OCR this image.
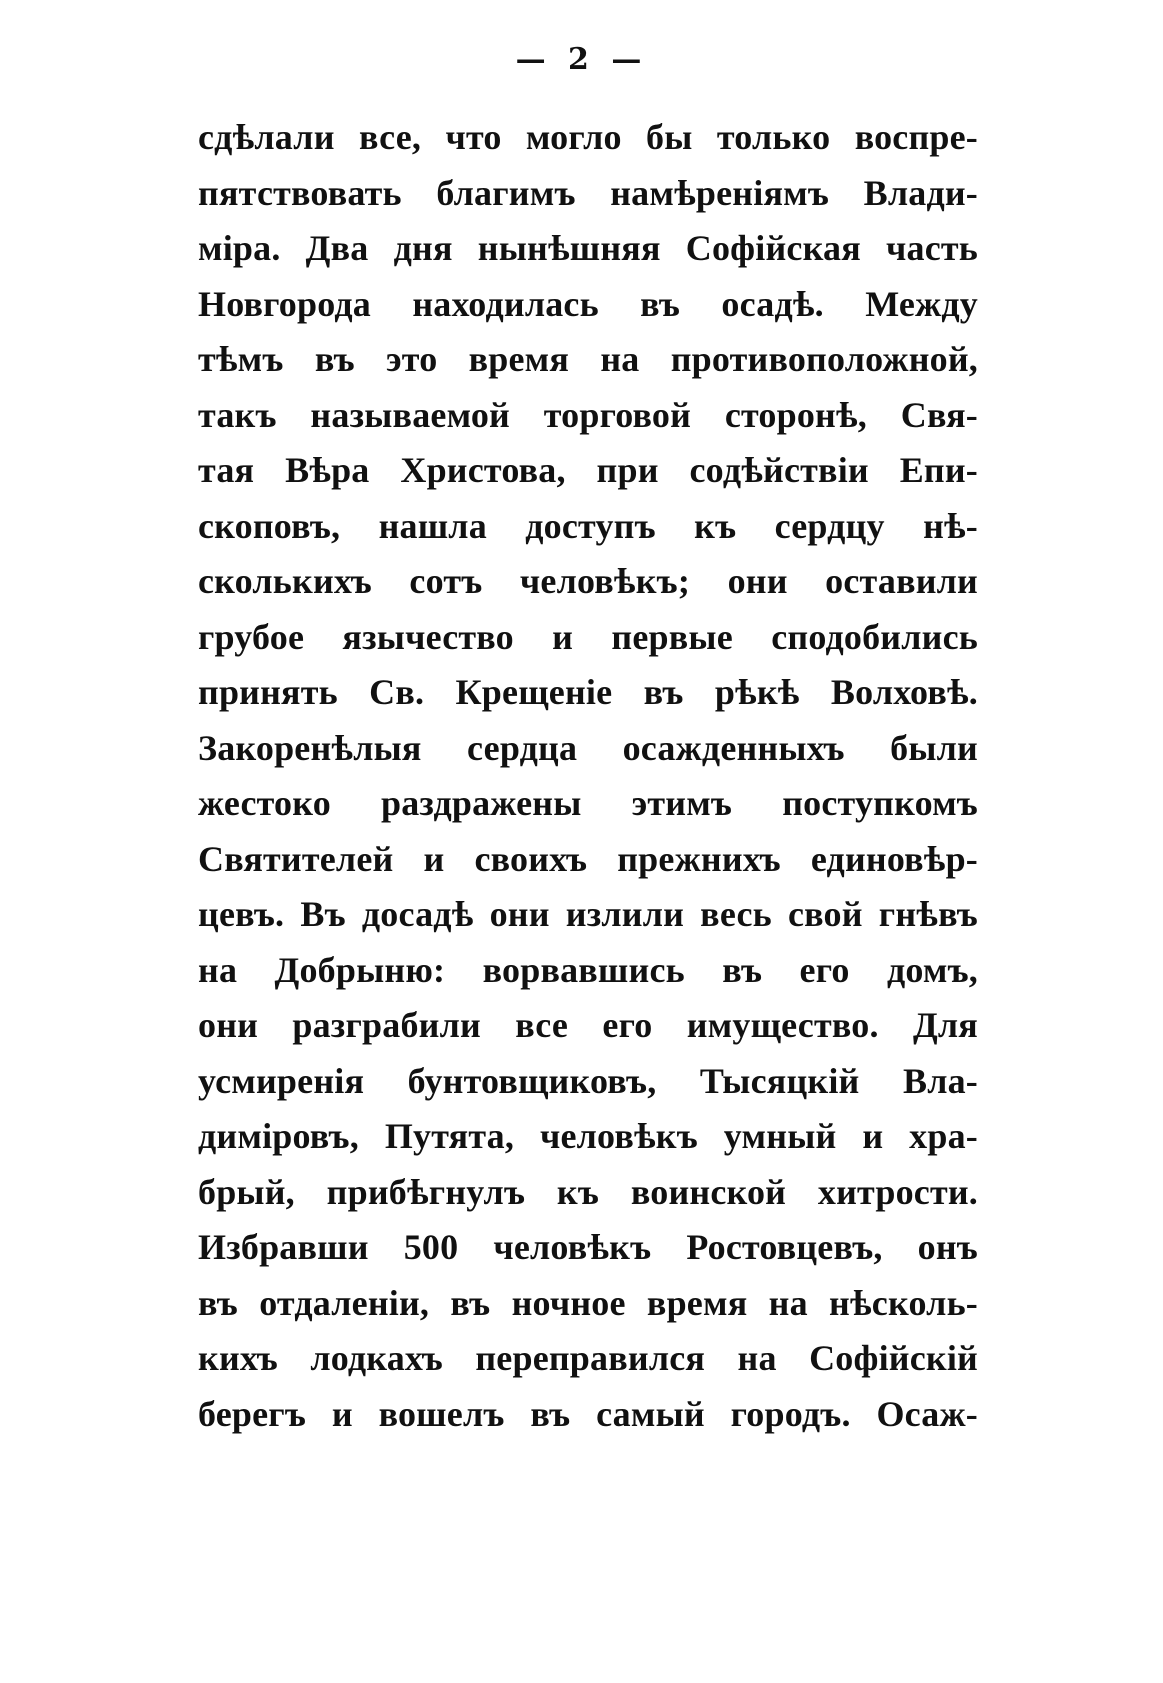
— 2 —
сдѣлали все, что могло бы только воспре-
пятствовать благимъ намѣреніямъ Влади-
міра. Два дня нынѣшняя Софійская часть
Новгорода находилась въ осадѣ. Между
тѣмъ въ это время на противоположной,
такъ называемой торговой сторонѣ, Свя-
тая Вѣра Христова, при содѣйствіи Епи-
скоповъ, нашла доступъ къ сердцу нѣ-
сколькихъ сотъ человѣкъ; они оставили
грубое язычество и первые сподобились
принять Св. Крещеніе въ рѣкѣ Волховѣ.
Закоренѣлыя сердца осажденныхъ были
жестоко раздражены этимъ поступкомъ
Святителей и своихъ прежнихъ единовѣр-
цевъ. Въ досадѣ они излили весь свой гнѣвъ
на Добрыню: ворвавшись въ его домъ,
они разграбили все его имущество. Для
усмиренія бунтовщиковъ, Тысяцкій Вла-
диміровъ, Путята, человѣкъ умный и хра-
брый, прибѣгнулъ къ воинской хитрости.
Избравши 500 человѣкъ Ростовцевъ, онъ
въ отдаленіи, въ ночное время на нѣсколь-
кихъ лодкахъ переправился на Софійскій
берегъ и вошелъ въ самый городъ. Осаж-
